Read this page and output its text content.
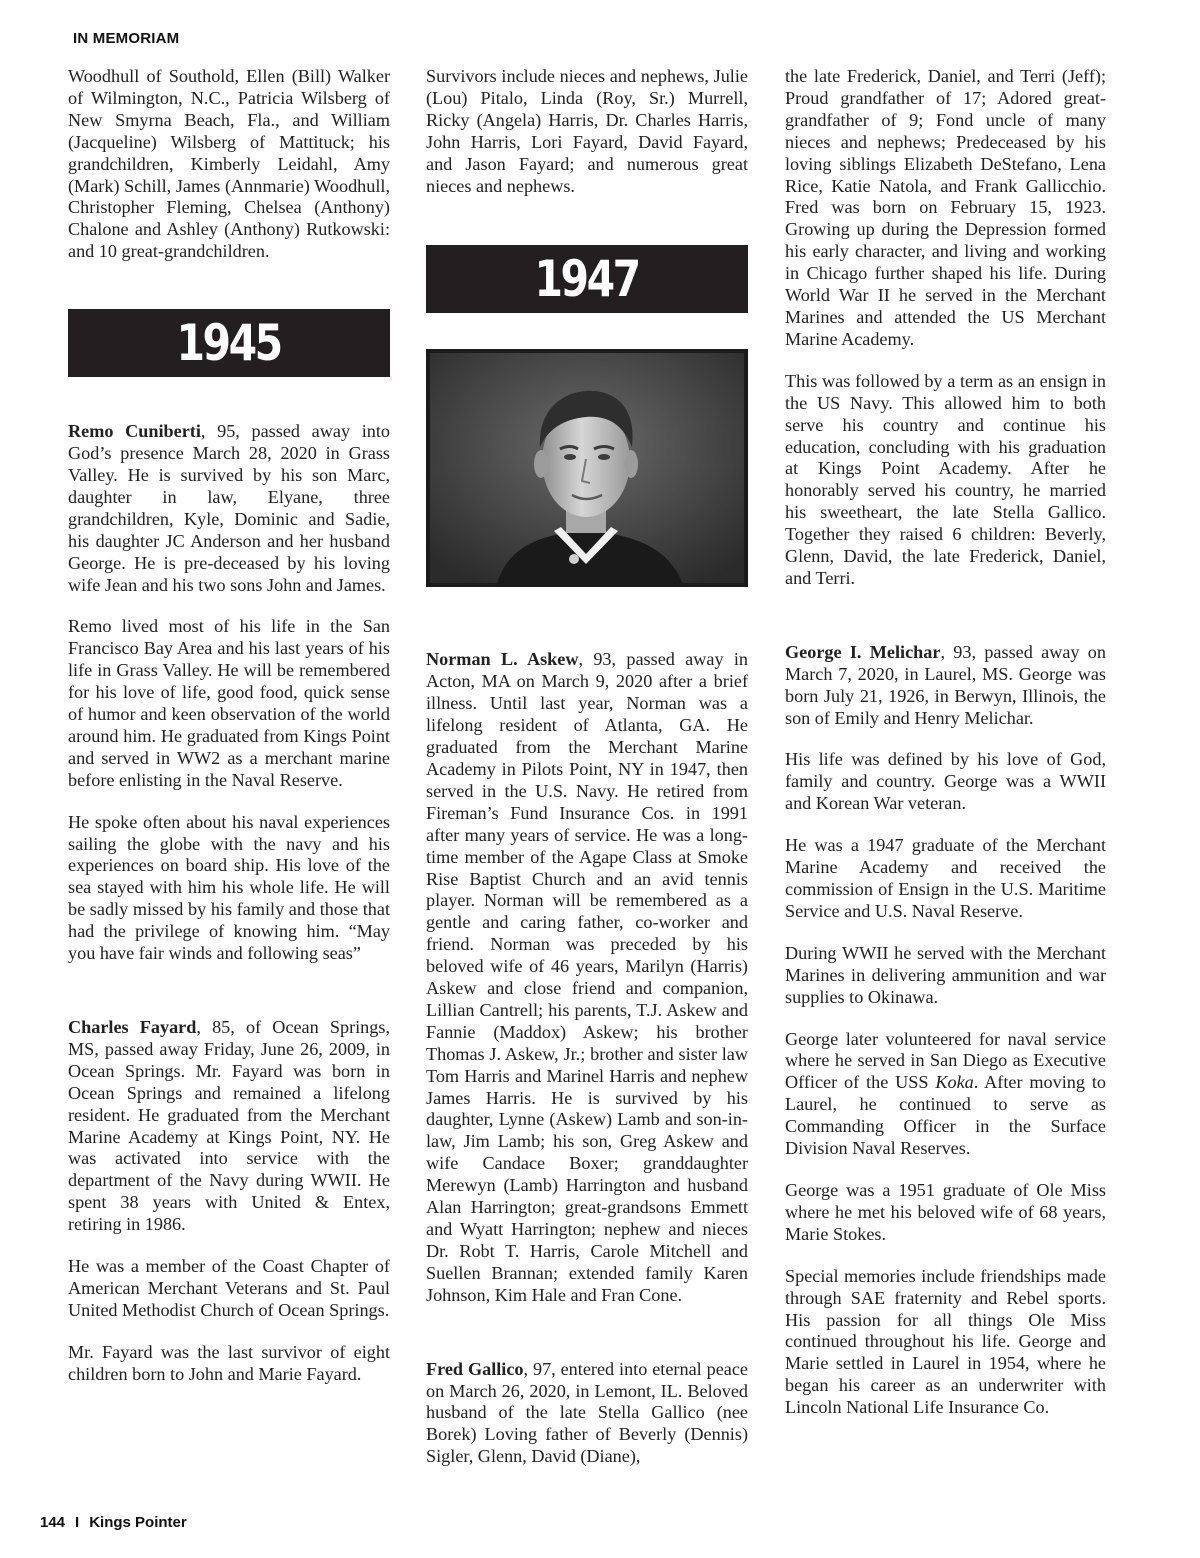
IN MEMORIAM

Woodhull of Southold, Ellen (Bill) Walker of Wilmington, N.C., Patricia Wilsberg of New Smyrna Beach, Fla., and William (Jacqueline) Wilsberg of Mattituck; his grandchildren, Kimberly Leidahl, Amy (Mark) Schill, James (Annmarie) Woodhull, Christopher Fleming, Chelsea (Anthony) Chalone and Ashley (Anthony) Rutkowski: and 10 great-grandchildren.

1945

Remo Cuniberti, 95, passed away into God’s presence March 28, 2020 in Grass Valley. He is survived by his son Marc, daughter in law, Elyane, three grandchildren, Kyle, Dominic and Sadie, his daughter JC Anderson and her husband George. He is pre-deceased by his loving wife Jean and his two sons John and James.

Remo lived most of his life in the San Francisco Bay Area and his last years of his life in Grass Valley. He will be remembered for his love of life, good food, quick sense of humor and keen observation of the world around him. He graduated from Kings Point and served in WW2 as a merchant marine before enlisting in the Naval Reserve.

He spoke often about his naval experiences sailing the globe with the navy and his experiences on board ship. His love of the sea stayed with him his whole life. He will be sadly missed by his family and those that had the privilege of knowing him. “May you have fair winds and following seas”

Charles Fayard, 85, of Ocean Springs, MS, passed away Friday, June 26, 2009, in Ocean Springs. Mr. Fayard was born in Ocean Springs and remained a lifelong resident. He graduated from the Merchant Marine Academy at Kings Point, NY. He was activated into service with the department of the Navy during WWII. He spent 38 years with United & Entex, retiring in 1986.

He was a member of the Coast Chapter of American Merchant Veterans and St. Paul United Methodist Church of Ocean Springs.

Mr. Fayard was the last survivor of eight children born to John and Marie Fayard.

Survivors include nieces and nephews, Julie (Lou) Pitalo, Linda (Roy, Sr.) Murrell, Ricky (Angela) Harris, Dr. Charles Harris, John Harris, Lori Fayard, David Fayard, and Jason Fayard; and numerous great nieces and nephews.

1947

Norman L. Askew, 93, passed away in Acton, MA on March 9, 2020 after a brief illness. Until last year, Norman was a lifelong resident of Atlanta, GA. He graduated from the Merchant Marine Academy in Pilots Point, NY in 1947, then served in the U.S. Navy. He retired from Fireman’s Fund Insurance Cos. in 1991 after many years of service. He was a long-time member of the Agape Class at Smoke Rise Baptist Church and an avid tennis player. Norman will be remembered as a gentle and caring father, co-worker and friend. Norman was preceded by his beloved wife of 46 years, Marilyn (Harris) Askew and close friend and companion, Lillian Cantrell; his parents, T.J. Askew and Fannie (Maddox) Askew; his brother Thomas J. Askew, Jr.; brother and sister law Tom Harris and Marinel Harris and nephew James Harris. He is survived by his daughter, Lynne (Askew) Lamb and son-in-law, Jim Lamb; his son, Greg Askew and wife Candace Boxer; granddaughter Merewyn (Lamb) Harrington and husband Alan Harrington; great-grandsons Emmett and Wyatt Harrington; nephew and nieces Dr. Robt T. Harris, Carole Mitchell and Suellen Brannan; extended family Karen Johnson, Kim Hale and Fran Cone.

Fred Gallico, 97, entered into eternal peace on March 26, 2020, in Lemont, IL. Beloved husband of the late Stella Gallico (nee Borek) Loving father of Beverly (Dennis) Sigler, Glenn, David (Diane),

the late Frederick, Daniel, and Terri (Jeff); Proud grandfather of 17; Adored great-grandfather of 9; Fond uncle of many nieces and nephews; Predeceased by his loving siblings Elizabeth DeStefano, Lena Rice, Katie Natola, and Frank Gallicchio. Fred was born on February 15, 1923. Growing up during the Depression formed his early character, and living and working in Chicago further shaped his life. During World War II he served in the Merchant Marines and attended the US Merchant Marine Academy.

This was followed by a term as an ensign in the US Navy. This allowed him to both serve his country and continue his education, concluding with his graduation at Kings Point Academy. After he honorably served his country, he married his sweetheart, the late Stella Gallico. Together they raised 6 children: Beverly, Glenn, David, the late Frederick, Daniel, and Terri.

George I. Melichar, 93, passed away on March 7, 2020, in Laurel, MS. George was born July 21, 1926, in Berwyn, Illinois, the son of Emily and Henry Melichar.

His life was defined by his love of God, family and country. George was a WWII and Korean War veteran.

He was a 1947 graduate of the Merchant Marine Academy and received the commission of Ensign in the U.S. Maritime Service and U.S. Naval Reserve.

During WWII he served with the Merchant Marines in delivering ammunition and war supplies to Okinawa.

George later volunteered for naval service where he served in San Diego as Executive Officer of the USS Koka. After moving to Laurel, he continued to serve as Commanding Officer in the Surface Division Naval Reserves.

George was a 1951 graduate of Ole Miss where he met his beloved wife of 68 years, Marie Stokes.

Special memories include friendships made through SAE fraternity and Rebel sports. His passion for all things Ole Miss continued throughout his life. George and Marie settled in Laurel in 1954, where he began his career as an underwriter with Lincoln National Life Insurance Co.

144 I Kings Pointer
